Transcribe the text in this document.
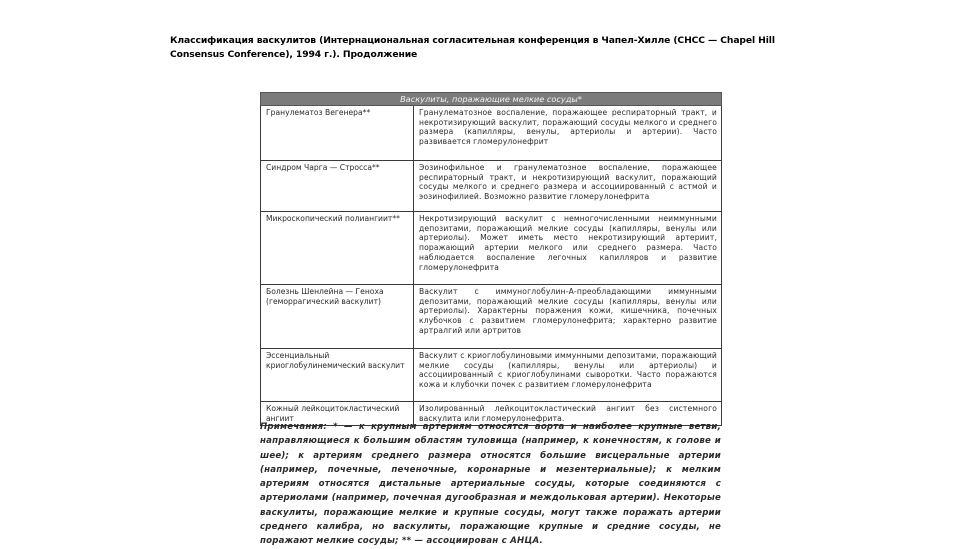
Классификация васкулитов (Интернациональная согласительная конференция в Чапел-Хилле (CHCC — Chapel Hill Consensus Conference), 1994 г.). Продолжение
Васкулиты, поражающие мелкие сосуды*	
Гранулематоз Вегенера**	Гранулематозное воспаление, поражающее респираторный тракт, и некротизирующий васкулит, поражающий сосуды мелкого и среднего размера (капилляры, венулы, артериолы и артерии). Часто развивается гломерулонефрит
Синдром Чарга — Стросса**	Эозинофильное и гранулематозное воспаление, поражающее респираторный тракт, и некротизирующий васкулит, поражающий сосуды мелкого и среднего размера и ассоциированный с астмой и эозинофилией. Возможно развитие гломерулонефрита
Микроскопический полиангиит**	Некротизирующий васкулит с немногочисленными неиммунными депозитами, поражающий мелкие сосуды (капилляры, венулы или артериолы). Может иметь место некротизирующий артериит, поражающий артерии мелкого или среднего размера. Часто наблюдается воспаление легочных капилляров и развитие гломерулонефрита
Болезнь Шенлейна — Геноха (геморрагический васкулит)	Васкулит с иммуноглобулин-А-преобладающими иммунными депозитами, поражающий мелкие сосуды (капилляры, венулы или артериолы). Характерны поражения кожи, кишечника, почечных клубочков с развитием гломерулонефрита; характерно развитие артралгий или артритов
Эссенциальный криоглобулинемический васкулит	Васкулит с криоглобулиновыми иммунными депозитами, поражающий мелкие сосуды (капилляры, венулы или артериолы) и ассоциированный с криоглобулинами сыворотки. Часто поражаются кожа и клубочки почек с развитием гломерулонефрита
Кожный лейкоцитокластический ангиит	Изолированный лейкоцитокластический ангиит без системного васкулита или гломерулонефрита.
Примечания: * — к крупным артериям относятся аорта и наиболее крупные ветви, направляющиеся к большим областям туловища (например, к конечностям, к голове и шее); к артериям среднего размера относятся большие висцеральные артерии (например, почечные, печеночные, коронарные и мезентериальные); к мелким артериям относятся дистальные артериальные сосуды, которые соединяются с артериолами (например, почечная дугообразная и междольковая артерии). Некоторые васкулиты, поражающие мелкие и крупные сосуды, могут также поражать артерии среднего калибра, но васкулиты, поражающие крупные и средние сосуды, не поражают мелкие сосуды; ** — ассоциирован с АНЦА.
